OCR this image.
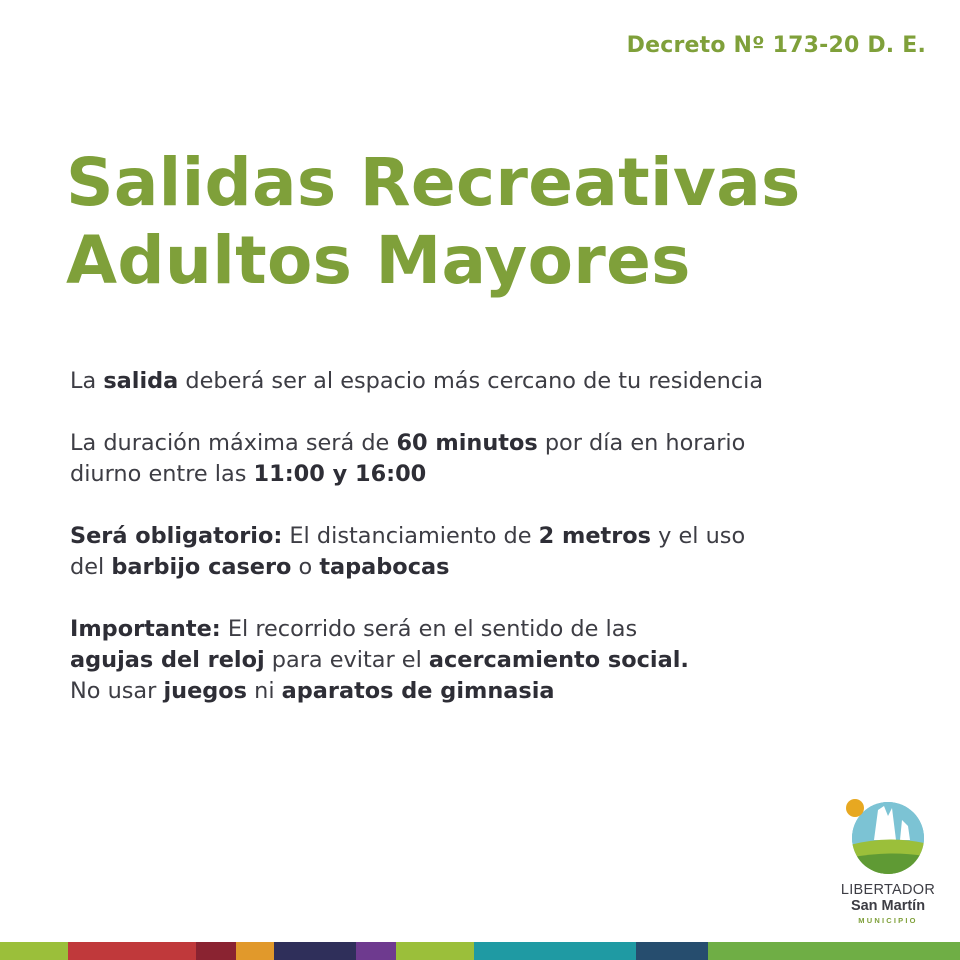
Decreto Nº 173-20 D. E.
Salidas Recreativas
Adultos Mayores

La salida deberá ser al espacio más cercano de tu residencia

La duración máxima será de 60 minutos por día en horario
diurno entre las 11:00 y 16:00

Será obligatorio: El distanciamiento de 2 metros y el uso
del barbijo casero o tapabocas

Importante: El recorrido será en el sentido de las
agujas del reloj para evitar el acercamiento social.
No usar juegos ni aparatos de gimnasia

LIBERTADOR
San Martín
MUNICIPIO
